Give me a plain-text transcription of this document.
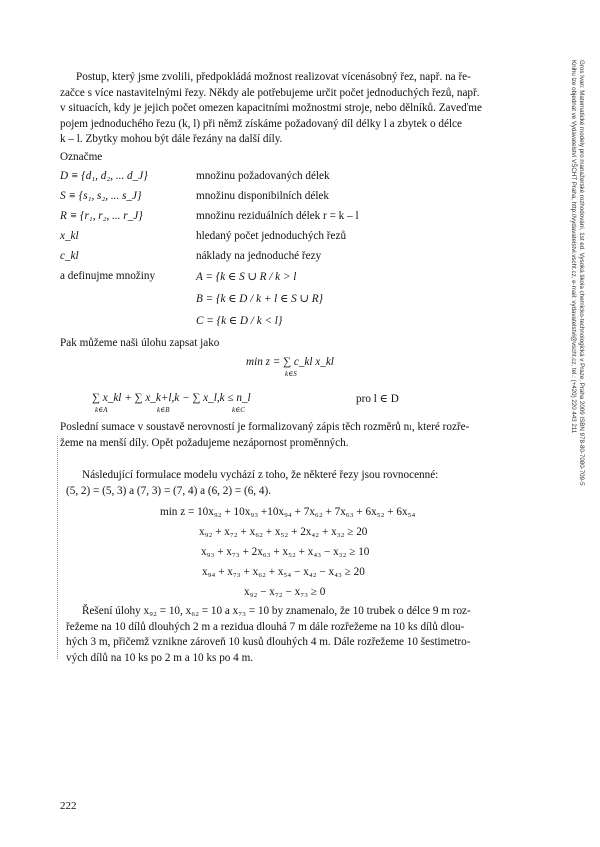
Gros Ivan: Matematické modely pro manažerské rozhodování, 1st ed. Vysoká škola chemicko-technologická v Praze, Praha 2009 ISBN 978-80-7080-709-5
Knihu lze objednat ve Vydavatelství VŠCHT Praha, http://vydavatelstvi.vscht.cz, e-mail: vydavatelstvi@vscht.cz, tel.: (+420) 220 443 211
Postup, který jsme zvolili, předpokládá možnost realizovat vícenásobný řez, např. na ře-
začce s více nastavitelnými řezy. Někdy ale potřebujeme určit počet jednoduchých řezů, např.
v situacích, kdy je jejich počet omezen kapacitními možnostmi stroje, nebo dělníků. Zaveďme
pojem jednoduchého řezu (k, l) při němž získáme požadovaný díl délky l a zbytek o délce
k – l. Zbytky mohou být dále řezány na další díly.
Označme
D ≡ {d₁, d₂, ... d_J}	množinu požadovaných délek
S ≡ {s₁, s₂, ... s_J}	množinu disponibilních délek
R ≡ {r₁, r₂, ... r_J}	množinu reziduálních délek r = k – l
x_kl	hledaný počet jednoduchých řezů
c_kl	náklady na jednoduché řezy
a definujme množiny	A = {k ∈ S ∪ R / k > l
B = {k ∈ D / k + l ∈ S ∪ R}
C = {k ∈ D / k < l}
Pak můžeme naši úlohu zapsat jako
min z = ∑ c_kl x_kl
k∈S
∑ x_kl + ∑ x_k+l,k − ∑ x_l,k ≤ n_l
k∈A	k∈B	k∈C
pro l ∈ D
Poslední sumace v soustavě nerovností je formalizovaný zápis těch rozměrů nₗ, které rozře-
žeme na menší díly. Opět požadujeme nezápornost proměnných.
Následující formulace modelu vychází z toho, že některé řezy jsou rovnocenné:
(5, 2) = (5, 3) a (7, 3) = (7, 4) a (6, 2) = (6, 4).
min z = 10x₉₂ + 10x₉₃ +10x₉₄ + 7x₆₂ + 7x₆₃ + 6x₅₂ + 6x₅₄
x₉₂ + x₇₂ + x₆₂ + x₅₂ + 2x₄₂ + x₃₂ ≥ 20
x₉₃ + x₇₃ + 2x₆₃ + x₅₂ + x₄₃ − x₃₂ ≥ 10
x₉₄ + x₇₃ + x₆₂ + x₅₄ − x₄₂ − x₄₃ ≥ 20
x₉₂ − x₇₂ − x₇₃ ≥ 0
Řešení úlohy x₉₂ = 10, x₆₂ = 10 a x₇₃ = 10 by znamenalo, že 10 trubek o délce 9 m roz-
řežeme na 10 dílů dlouhých 2 m a rezidua dlouhá 7 m dále rozřežeme na 10 ks dílů dlou-
hých 3 m, přičemž vznikne zároveň 10 kusů dlouhých 4 m. Dále rozřežeme 10 šestimetro-
vých dílů na 10 ks po 2 m a 10 ks po 4 m.
222
